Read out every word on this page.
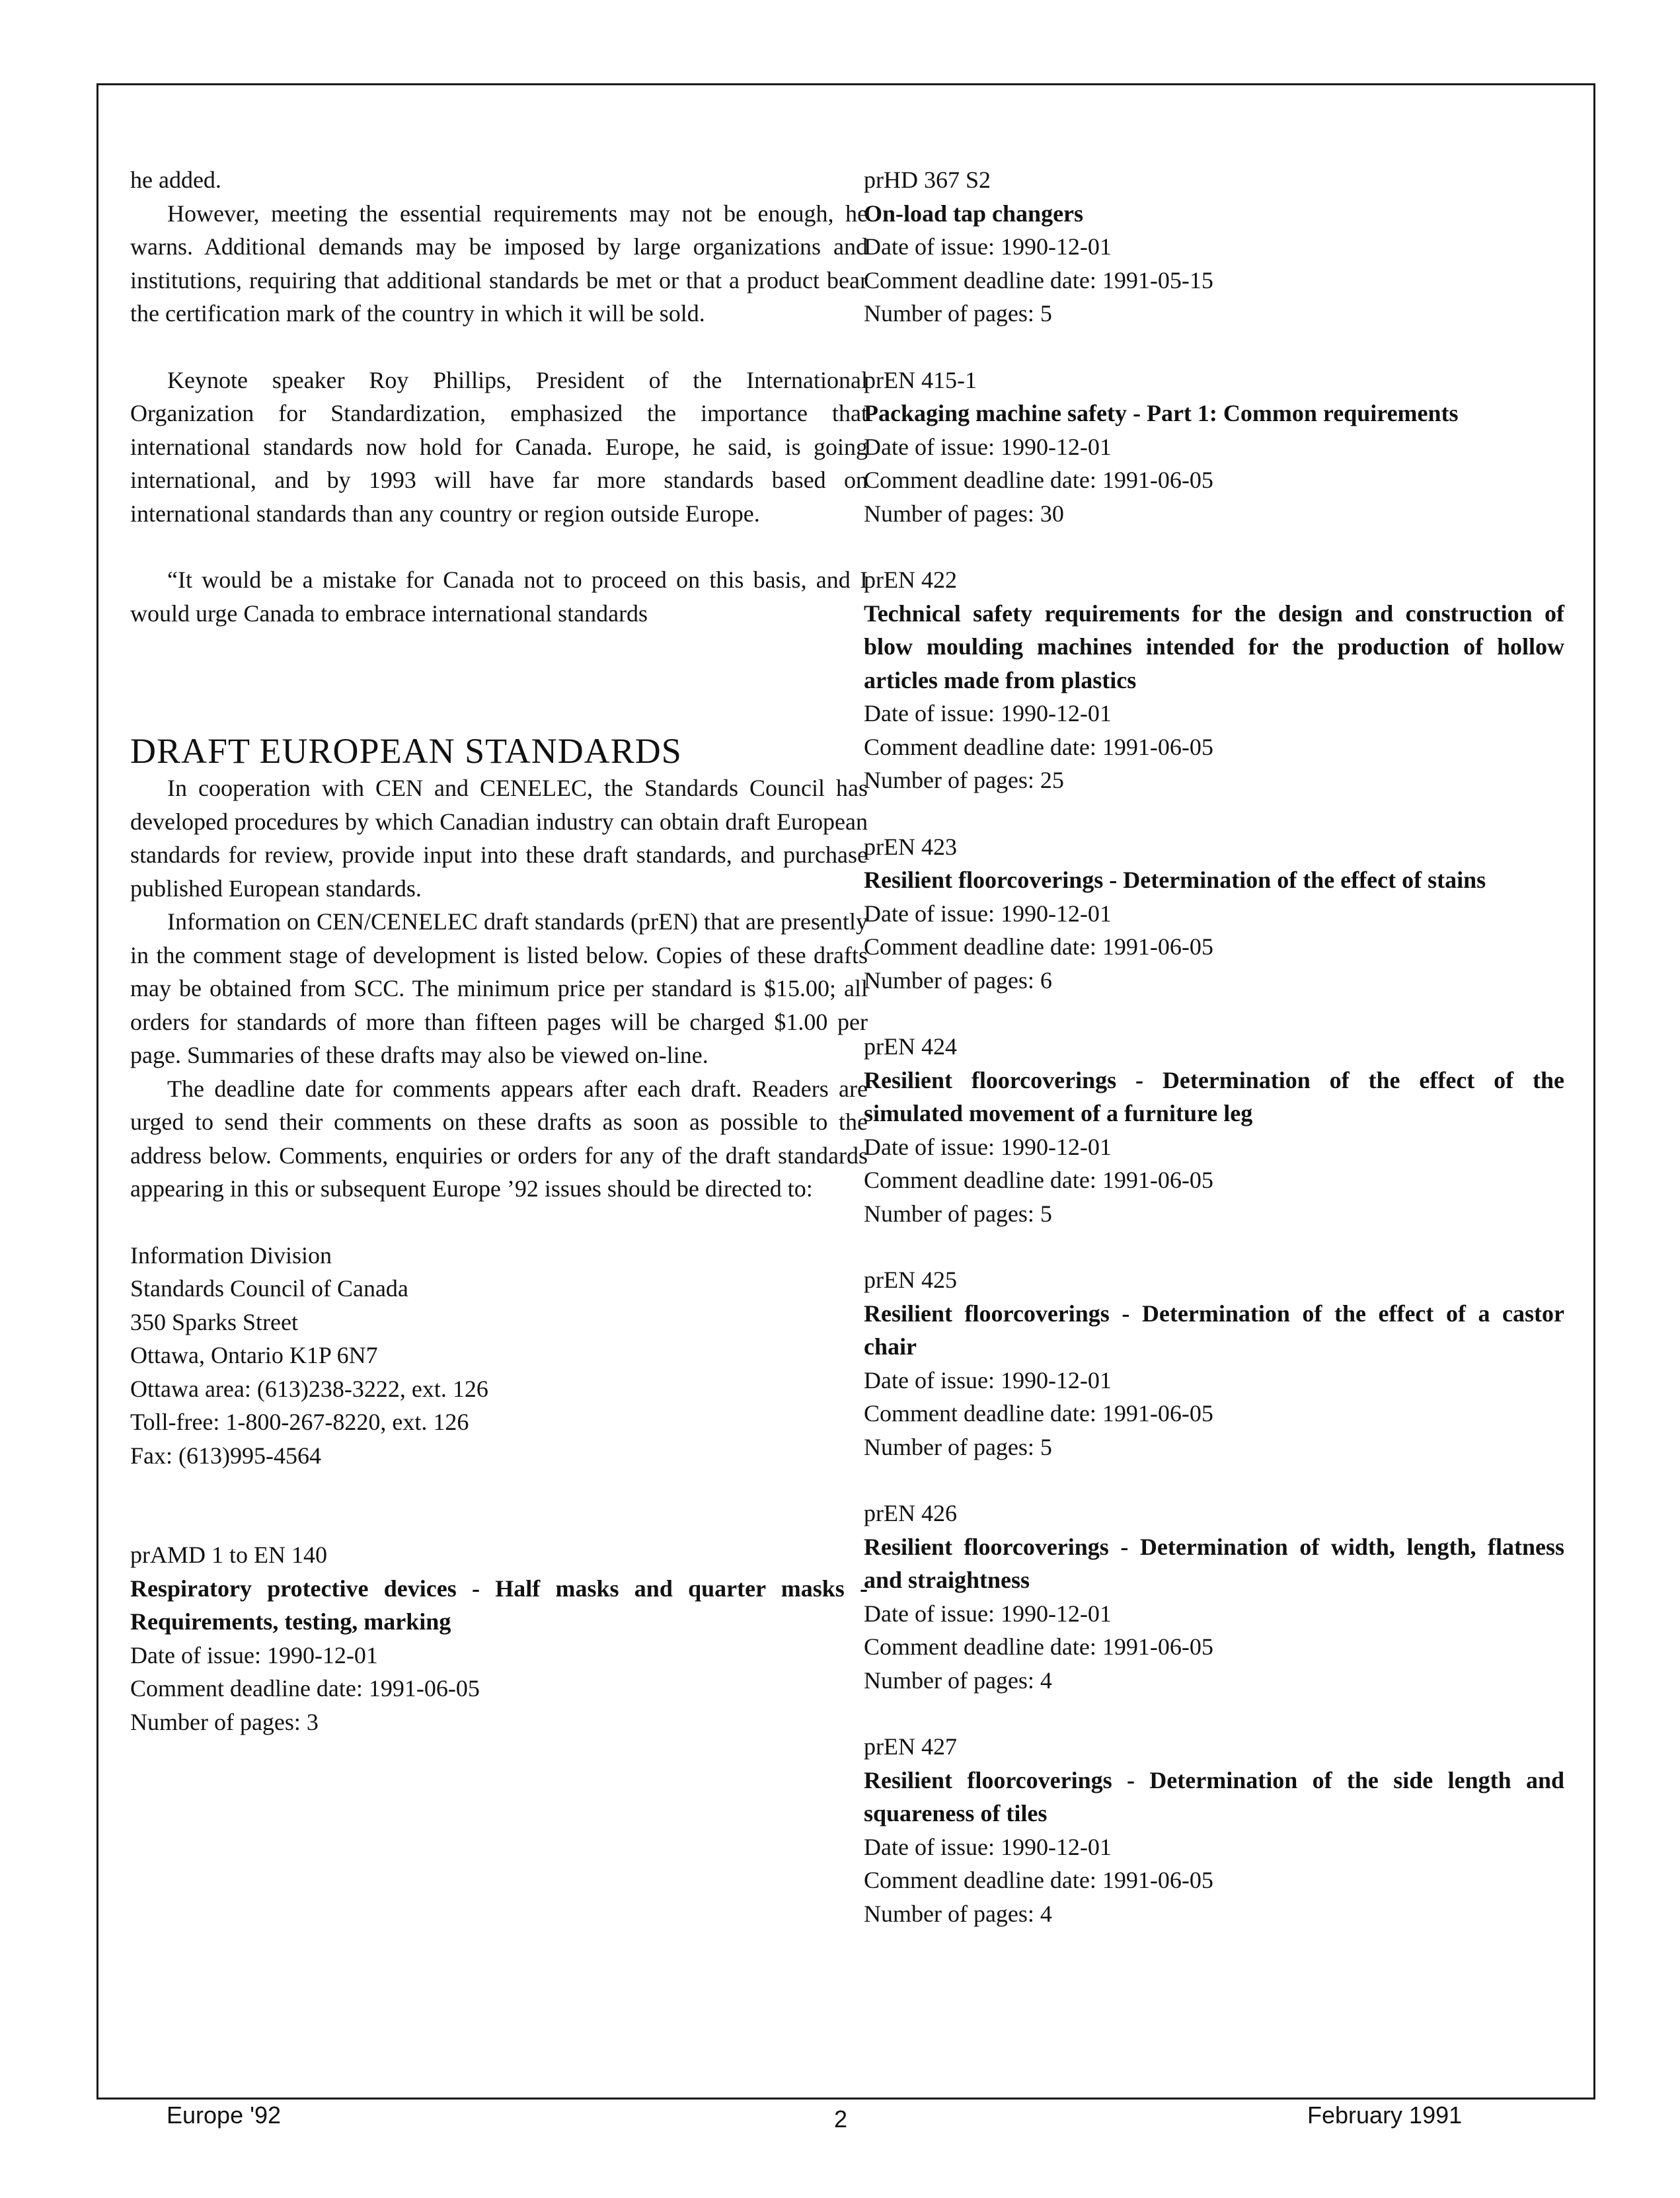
he added.

However, meeting the essential requirements may not be enough, he warns. Additional demands may be imposed by large organizations and institutions, requiring that additional standards be met or that a product bear the certification mark of the country in which it will be sold.

Keynote speaker Roy Phillips, President of the International Organization for Standardization, emphasized the importance that international standards now hold for Canada. Europe, he said, is going international, and by 1993 will have far more standards based on international standards than any country or region outside Europe.

“It would be a mistake for Canada not to proceed on this basis, and I would urge Canada to embrace international standards

DRAFT EUROPEAN STANDARDS

In cooperation with CEN and CENELEC, the Standards Council has developed procedures by which Canadian industry can obtain draft European standards for review, provide input into these draft standards, and purchase published European standards.

Information on CEN/CENELEC draft standards (prEN) that are presently in the comment stage of development is listed below. Copies of these drafts may be obtained from SCC. The minimum price per standard is $15.00; all orders for standards of more than fifteen pages will be charged $1.00 per page. Summaries of these drafts may also be viewed on-line.

The deadline date for comments appears after each draft. Readers are urged to send their comments on these drafts as soon as possible to the address below. Comments, enquiries or orders for any of the draft standards appearing in this or subsequent Europe ’92 issues should be directed to:

Information Division

Standards Council of Canada

350 Sparks Street

Ottawa, Ontario K1P 6N7

Ottawa area: (613)238-3222, ext. 126

Toll-free: 1-800-267-8220, ext. 126

Fax: (613)995-4564

prAMD 1 to EN 140

Respiratory protective devices - Half masks and quarter masks - Requirements, testing, marking

Date of issue: 1990-12-01

Comment deadline date: 1991-06-05

Number of pages: 3

prHD 367 S2

On-load tap changers

Date of issue: 1990-12-01

Comment deadline date: 1991-05-15

Number of pages: 5

prEN 415-1

Packaging machine safety - Part 1: Common requirements

Date of issue: 1990-12-01

Comment deadline date: 1991-06-05

Number of pages: 30

prEN 422

Technical safety requirements for the design and construction of blow moulding machines intended for the production of hollow articles made from plastics

Date of issue: 1990-12-01

Comment deadline date: 1991-06-05

Number of pages: 25

prEN 423

Resilient floorcoverings - Determination of the effect of stains

Date of issue: 1990-12-01

Comment deadline date: 1991-06-05

Number of pages: 6

prEN 424

Resilient floorcoverings - Determination of the effect of the simulated movement of a furniture leg

Date of issue: 1990-12-01

Comment deadline date: 1991-06-05

Number of pages: 5

prEN 425

Resilient floorcoverings - Determination of the effect of a castor chair

Date of issue: 1990-12-01

Comment deadline date: 1991-06-05

Number of pages: 5

prEN 426

Resilient floorcoverings - Determination of width, length, flatness and straightness

Date of issue: 1990-12-01

Comment deadline date: 1991-06-05

Number of pages: 4

prEN 427

Resilient floorcoverings - Determination of the side length and squareness of tiles

Date of issue: 1990-12-01

Comment deadline date: 1991-06-05

Number of pages: 4

Europe '92	2	February 1991
